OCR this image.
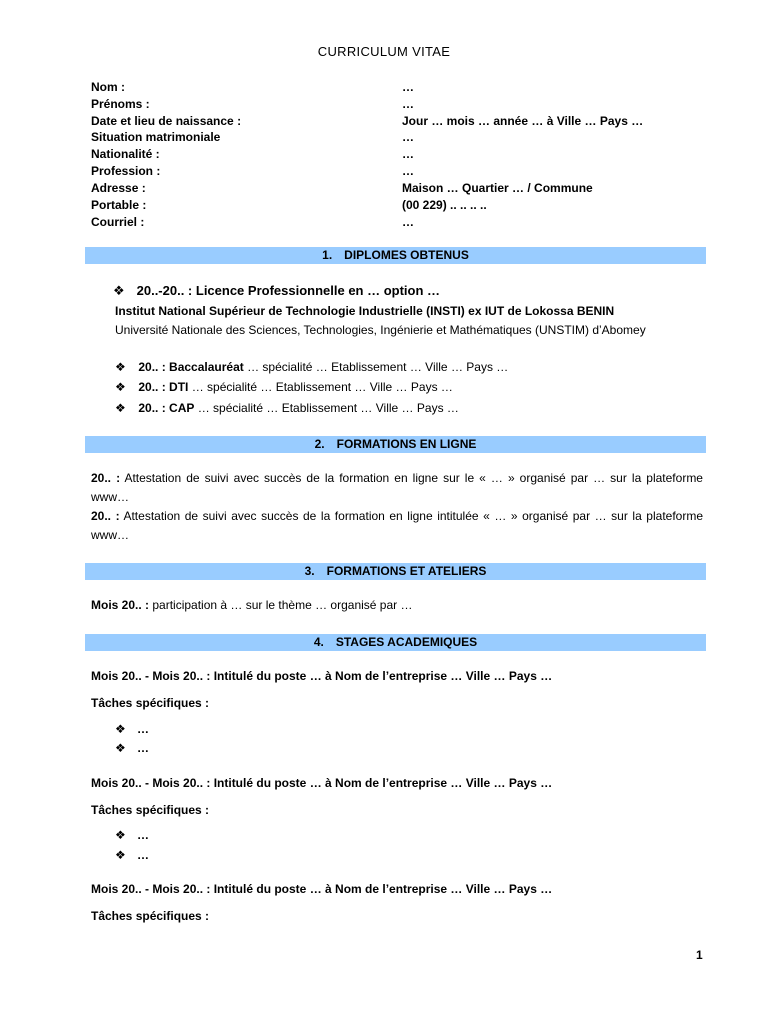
CURRICULUM VITAE
Nom :	…
Prénoms :	…
Date et lieu de naissance :	Jour … mois … année … à Ville … Pays …
Situation matrimoniale	…
Nationalité :	…
Profession :	…
Adresse :	Maison … Quartier … / Commune
Portable :	(00 229) .. .. .. ..
Courriel :	…
1. DIPLOMES OBTENUS
❖ 20..-20.. : Licence Professionnelle en … option …
Institut National Supérieur de Technologie Industrielle (INSTI) ex IUT de Lokossa BENIN
Université Nationale des Sciences, Technologies, Ingénierie et Mathématiques (UNSTIM) d’Abomey
❖ 20.. : Baccalauréat … spécialité … Etablissement … Ville … Pays …
❖ 20.. : DTI … spécialité … Etablissement … Ville … Pays …
❖ 20.. : CAP … spécialité … Etablissement … Ville … Pays …
2. FORMATIONS EN LIGNE
20.. : Attestation de suivi avec succès de la formation en ligne sur le « … » organisé par … sur la plateforme www…
20.. : Attestation de suivi avec succès de la formation en ligne intitulée « … » organisé par … sur la plateforme www…
3. FORMATIONS ET ATELIERS
Mois 20.. : participation à … sur le thème … organisé par …
4. STAGES ACADEMIQUES
Mois 20.. - Mois 20.. : Intitulé du poste … à Nom de l’entreprise … Ville … Pays …
Tâches spécifiques :
❖ …
❖ …
Mois 20.. - Mois 20.. : Intitulé du poste … à Nom de l’entreprise … Ville … Pays …
Tâches spécifiques :
❖ …
❖ …
Mois 20.. - Mois 20.. : Intitulé du poste … à Nom de l’entreprise … Ville … Pays …
Tâches spécifiques :
1
